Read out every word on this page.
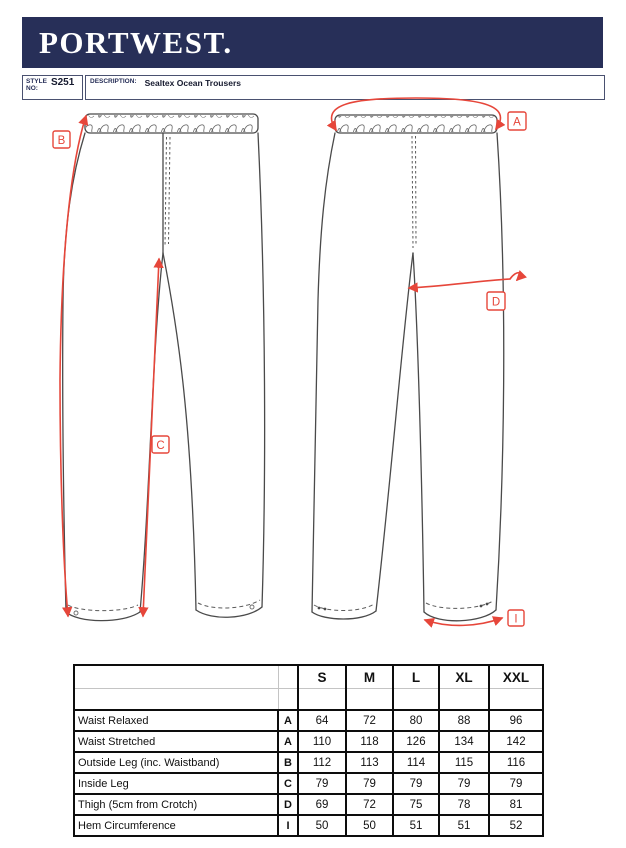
PORTWEST.
STYLE
NO:
S251 DESCRIPTION: Sealtex Ocean Trousers
B
C
A
D
I
		S	M	L	XL	XXL

Waist Relaxed	A	64	72	80	88	96
Waist Stretched	A	110	118	126	134	142
Outside Leg (inc. Waistband)	B	112	113	114	115	116
Inside Leg	C	79	79	79	79	79
Thigh (5cm from Crotch)	D	69	72	75	78	81
Hem Circumference	I	50	50	51	51	52
